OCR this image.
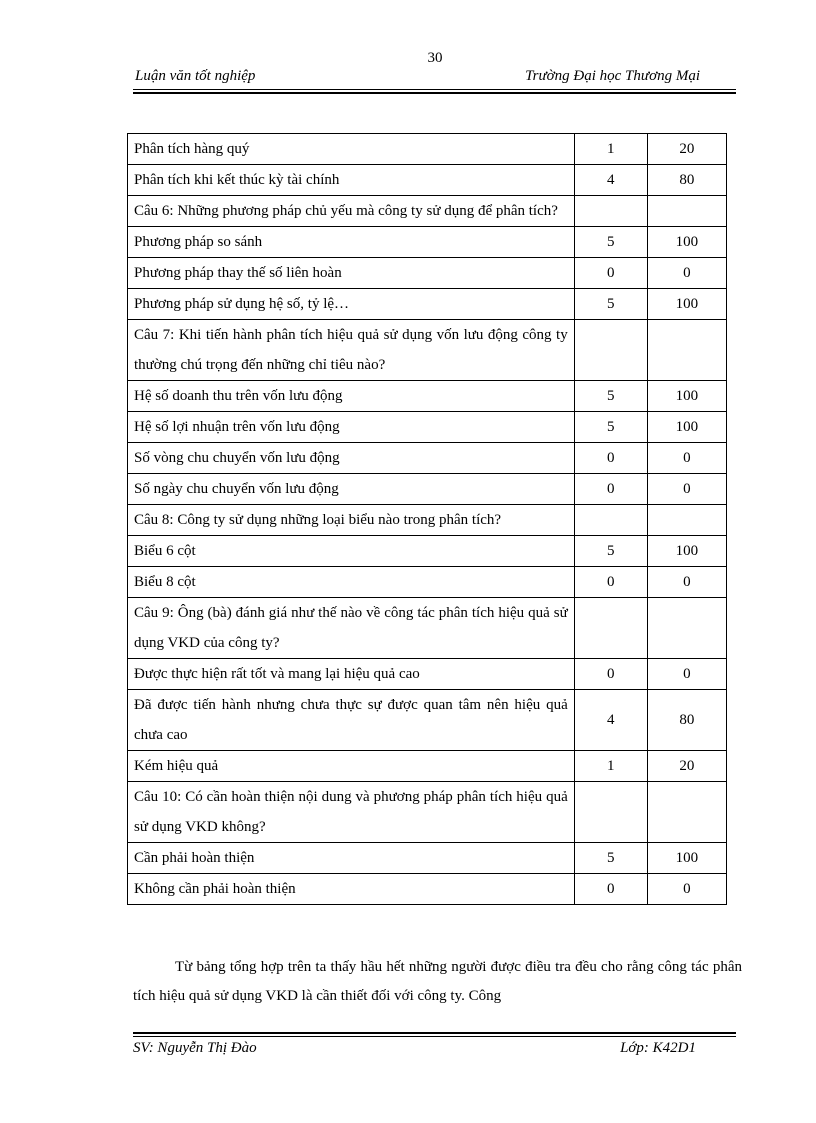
30
Luận văn tốt nghiệp	Trường Đại học Thương Mại
Phân tích hàng quý	1	20
Phân tích khi kết thúc kỳ tài chính	4	80
Câu 6: Những phương pháp chủ yếu mà công ty sử dụng để phân tích?		
Phương pháp so sánh	5	100
Phương pháp thay thế số liên hoàn	0	0
Phương pháp sử dụng hệ số, tỷ lệ…	5	100
Câu 7: Khi tiến hành phân tích hiệu quả sử dụng vốn lưu động công ty thường chú trọng đến những chỉ tiêu nào?		
Hệ số doanh thu trên vốn lưu động	5	100
Hệ số lợi nhuận trên vốn lưu động	5	100
Số vòng chu chuyển vốn lưu động	0	0
Số ngày chu chuyển vốn lưu động	0	0
Câu 8: Công ty sử dụng những loại biểu nào trong phân tích?		
Biểu 6 cột	5	100
Biểu 8 cột	0	0
Câu 9: Ông (bà) đánh giá như thế nào về công tác phân tích hiệu quả sử dụng VKD của công ty?		
Được thực hiện rất tốt và mang lại hiệu quả cao	0	0
Đã được tiến hành nhưng chưa thực sự được quan tâm nên hiệu quả chưa cao	4	80
Kém hiệu quả	1	20
Câu 10: Có cần hoàn thiện nội dung và phương pháp phân tích hiệu quả sử dụng VKD không?		
Cần phải hoàn thiện	5	100
Không cần phải hoàn thiện	0	0
Từ bảng tổng hợp trên ta thấy hầu hết những người được điều tra đều cho rằng công tác phân tích hiệu quả sử dụng VKD là cần thiết đối với công ty. Công
SV: Nguyễn Thị Đào	Lớp: K42D1
